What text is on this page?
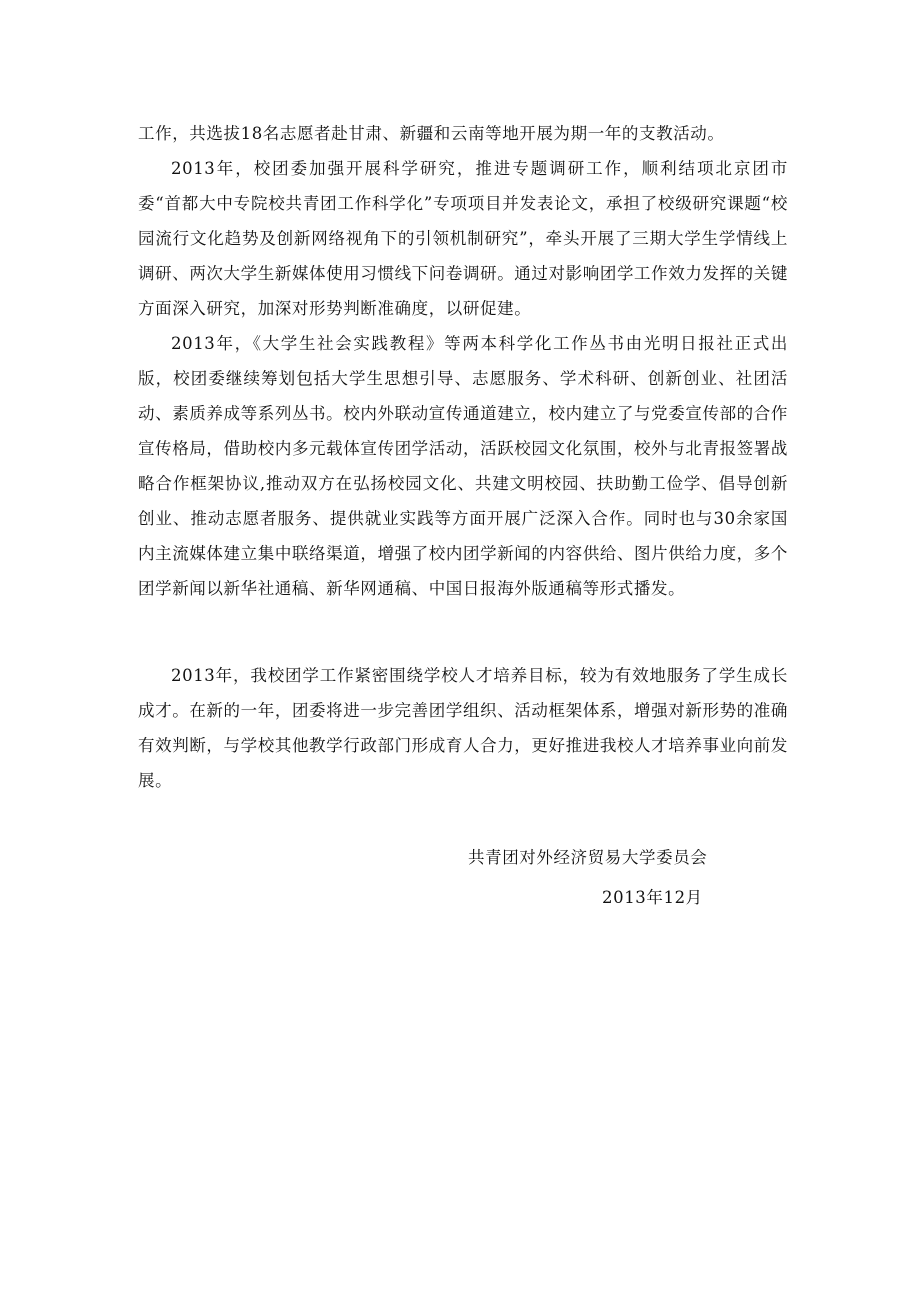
工作，共选拔18名志愿者赴甘肃、新疆和云南等地开展为期一年的支教活动。

2013年，校团委加强开展科学研究，推进专题调研工作，顺利结项北京团市委“首都大中专院校共青团工作科学化”专项项目并发表论文，承担了校级研究课题“校园流行文化趋势及创新网络视角下的引领机制研究”，牵头开展了三期大学生学情线上调研、两次大学生新媒体使用习惯线下问卷调研。通过对影响团学工作效力发挥的关键方面深入研究，加深对形势判断准确度，以研促建。

2013年，《大学生社会实践教程》等两本科学化工作丛书由光明日报社正式出版，校团委继续筹划包括大学生思想引导、志愿服务、学术科研、创新创业、社团活动、素质养成等系列丛书。校内外联动宣传通道建立，校内建立了与党委宣传部的合作宣传格局，借助校内多元载体宣传团学活动，活跃校园文化氛围，校外与北青报签署战略合作框架协议,推动双方在弘扬校园文化、共建文明校园、扶助勤工俭学、倡导创新创业、推动志愿者服务、提供就业实践等方面开展广泛深入合作。同时也与30余家国内主流媒体建立集中联络渠道，增强了校内团学新闻的内容供给、图片供给力度，多个团学新闻以新华社通稿、新华网通稿、中国日报海外版通稿等形式播发。

2013年，我校团学工作紧密围绕学校人才培养目标，较为有效地服务了学生成长成才。在新的一年，团委将进一步完善团学组织、活动框架体系，增强对新形势的准确有效判断，与学校其他教学行政部门形成育人合力，更好推进我校人才培养事业向前发展。

共青团对外经济贸易大学委员会
2013年12月
